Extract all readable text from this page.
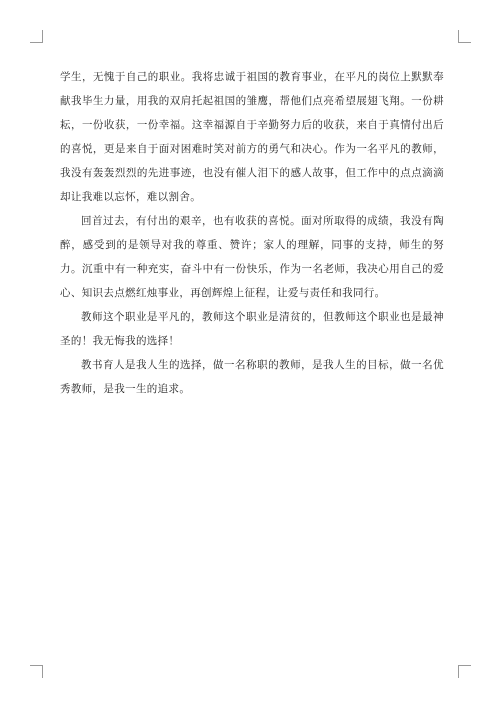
学生，无愧于自己的职业。我将忠诚于祖国的教育事业，在平凡的岗位上默默奉献我毕生力量，用我的双肩托起祖国的雏鹰，帮他们点亮希望展翅飞翔。一份耕耘，一份收获，一份幸福。这幸福源自于辛勤努力后的收获，来自于真情付出后的喜悦，更是来自于面对困难时笑对前方的勇气和决心。作为一名平凡的教师，我没有轰轰烈烈的先进事迹，也没有催人泪下的感人故事，但工作中的点点滴滴却让我难以忘怀，难以割舍。

回首过去，有付出的艰辛，也有收获的喜悦。面对所取得的成绩，我没有陶醉，感受到的是领导对我的尊重、赞许；家人的理解，同事的支持，师生的努力。沉重中有一种充实，奋斗中有一份快乐，作为一名老师，我决心用自己的爱心、知识去点燃红烛事业，再创辉煌上征程，让爱与责任和我同行。

教师这个职业是平凡的，教师这个职业是清贫的，但教师这个职业也是最神圣的！我无悔我的选择！

教书育人是我人生的选择，做一名称职的教师，是我人生的目标，做一名优秀教师，是我一生的追求。
